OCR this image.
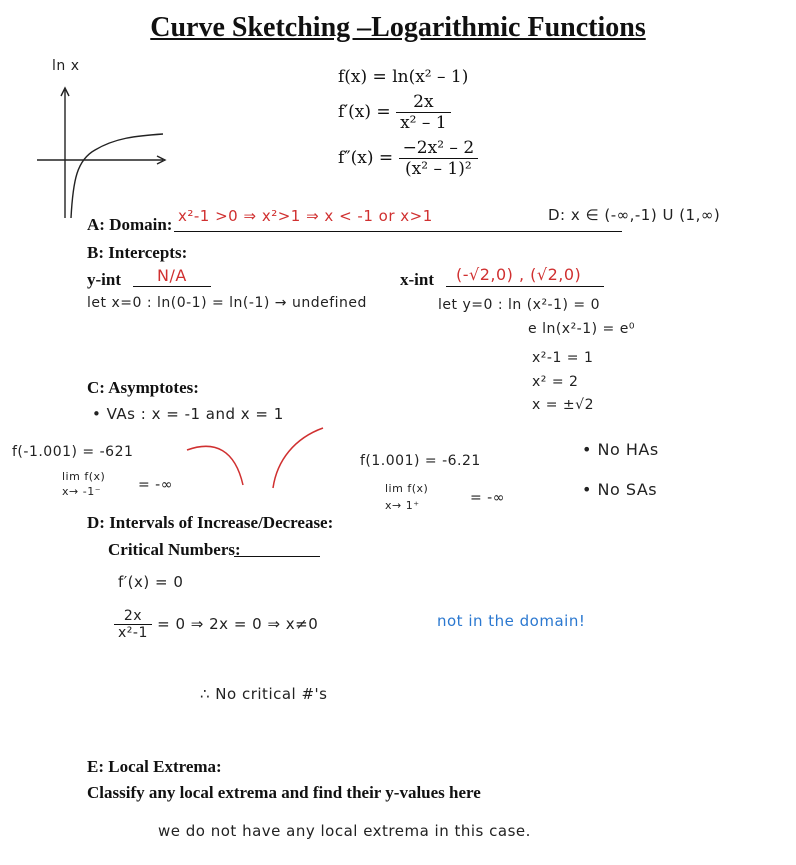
Curve Sketching –Logarithmic Functions
ln x
f(x) = ln(x² – 1)
$f'(x) = \frac{2x}{\text{x² – 1}}$
$f''(x) = \frac{\text{−2x² – 2}}{\text{(x² – 1)²}}$
A: Domain: x²-1 >0 ⇒ x²>1 ⇒ x < -1 or x>1	D: x ∈ (-∞,-1) U (1,∞)
B: Intercepts:
y-int N/A
let x=0 : ln(0-1) = ln(-1) → undefined
x-int (-√2,0) , (√2,0)
let y=0 : ln (x²-1) = 0
e ln(x²-1) = e⁰
x²-1 = 1
x² = 2
x = ±√2
C: Asymptotes:
• VAs : x = -1 and x = 1
f(-1.001) = -621
lim f(x)
x→ -1⁻	= -∞
f(1.001) = -6.21
lim f(x)
x→ 1⁺	= -∞
• No HAs
• No SAs
D: Intervals of Increase/Decrease:
Critical Numbers:
f′(x) = 0
$\frac{2x}{\text{x²-1}} = 0$ ⇒ 2x = 0 ⇒ x≠0	not in the domain!
∴ No critical #'s
E: Local Extrema:
Classify any local extrema and find their y-values here
we do not have any local extrema in this case.
